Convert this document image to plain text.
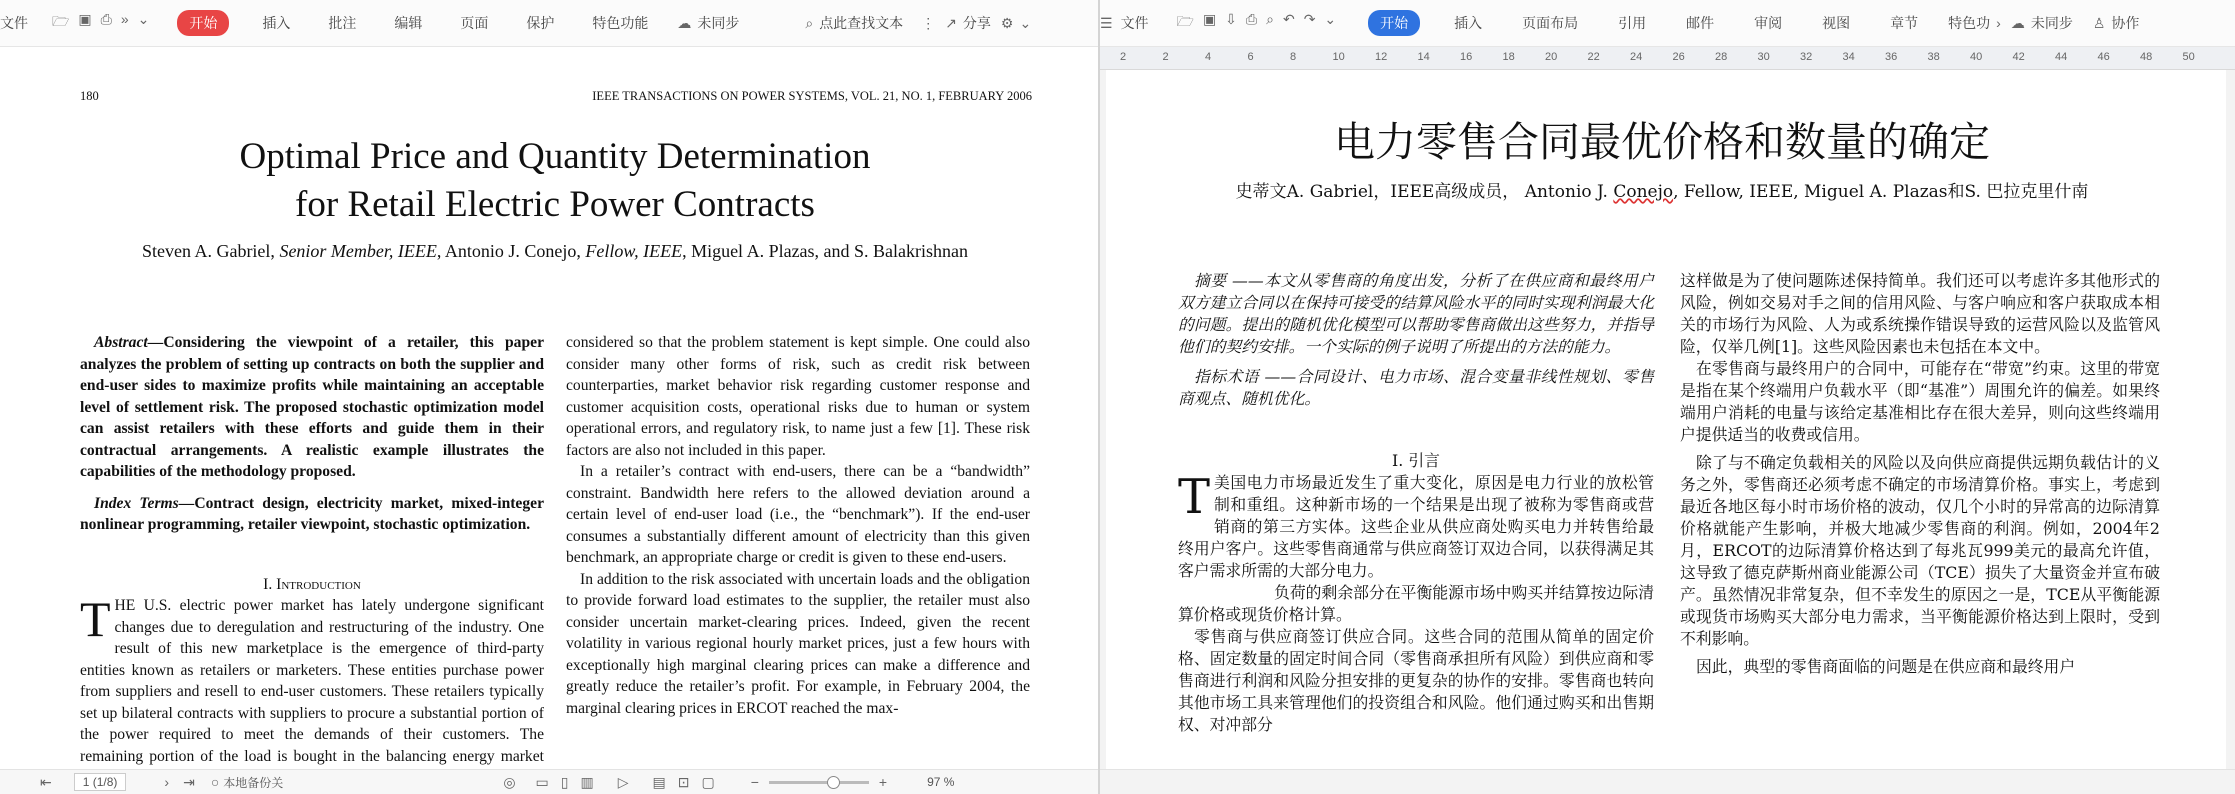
文件 🗁 ▣ ⎙ » ⌄	开始	插入	批注	编辑	页面	保护	特色功能 ☁ 未同步	⌕ 点此查找文本 ⋮ ↗ 分享 ⚙ ⌄
180	IEEE TRANSACTIONS ON POWER SYSTEMS, VOL. 21, NO. 1, FEBRUARY 2006
Optimal Price and Quantity Determination
for Retail Electric Power Contracts
Steven A. Gabriel, Senior Member, IEEE, Antonio J. Conejo, Fellow, IEEE, Miguel A. Plazas, and S. Balakrishnan

Abstract—Considering the viewpoint of a retailer, this paper analyzes the problem of setting up contracts on both the supplier and end-user sides to maximize profits while maintaining an acceptable level of settlement risk. The proposed stochastic optimization model can assist retailers with these efforts and guide them in their contractual arrangements. A realistic example illustrates the capabilities of the methodology proposed.

Index Terms—Contract design, electricity market, mixed-integer nonlinear programming, retailer viewpoint, stochastic optimization.

I. Introduction

THE U.S. electric power market has lately undergone significant changes due to deregulation and restructuring of the industry. One result of this new marketplace is the emergence of third-party entities known as retailers or marketers. These entities purchase power from suppliers and resell to end-user customers. These retailers typically set up bilateral contracts with suppliers to procure a substantial portion of the power required to meet the demands of their customers. The remaining portion of the load is bought in the balancing energy market

considered so that the problem statement is kept simple. One could also consider many other forms of risk, such as credit risk between counterparties, market behavior risk regarding customer response and customer acquisition costs, operational risks due to human or system operational errors, and regulatory risk, to name just a few [1]. These risk factors are also not included in this paper.

In a retailer’s contract with end-users, there can be a “bandwidth” constraint. Bandwidth here refers to the allowed deviation around a certain level of end-user load (i.e., the “benchmark”). If the end-user consumes a substantially different amount of electricity than this given benchmark, an appropriate charge or credit is given to these end-users.

In addition to the risk associated with uncertain loads and the obligation to provide forward load estimates to the supplier, the retailer must also consider uncertain market-clearing prices. Indeed, given the recent volatility in various regional hourly market prices, just a few hours with exceptionally high marginal clearing prices can make a difference and greatly reduce the retailer’s profit. For example, in February 2004, the marginal clearing prices in ERCOT reached the max-

⇤	1 (1/8)	› ⇥ ○ 本地备份关	◎ ▭ ▯ ▥ ▷ ▤ ⊡ ▢	−	+	97 %
☰ 文件 🗁 ▣ ⇩ ⎙ ⌕ ↶ ↷ ⌄	开始	插入	页面布局	引用	邮件	审阅	视图	章节 特色功 › ☁ 未同步 ♙ 协作
2	2	4	6	8	10	12	14	16	18	20	22	24	26	28	30	32	34	36	38	40	42	44	46	48	50
电力零售合同最优价格和数量的确定
史蒂文A. Gabriel，IEEE高级成员， Antonio J. Conejo, Fellow, IEEE, Miguel A. Plazas和S. 巴拉克里什南

摘要 ——本文从零售商的角度出发，分析了在供应商和最终用户双方建立合同以在保持可接受的结算风险水平的同时实现利润最大化的问题。提出的随机优化模型可以帮助零售商做出这些努力，并指导他们的契约安排。一个实际的例子说明了所提出的方法的能力。

指标术语 ——合同设计、电力市场、混合变量非线性规划、零售商观点、随机优化。

I. 引言

T美国电力市场最近发生了重大变化，原因是电力行业的放松管制和重组。这种新市场的一个结果是出现了被称为零售商或营销商的第三方实体。这些企业从供应商处购买电力并转售给最终用户客户。这些零售商通常与供应商签订双边合同，以获得满足其客户需求所需的大部分电力。

负荷的剩余部分在平衡能源市场中购买并结算按边际清算价格或现货价格计算。

零售商与供应商签订供应合同。这些合同的范围从简单的固定价格、固定数量的固定时间合同（零售商承担所有风险）到供应商和零售商进行利润和风险分担安排的更复杂的协作的安排。零售商也转向其他市场工具来管理他们的投资组合和风险。他们通过购买和出售期权、对冲部分

这样做是为了使问题陈述保持简单。我们还可以考虑许多其他形式的风险，例如交易对手之间的信用风险、与客户响应和客户获取成本相关的市场行为风险、人为或系统操作错误导致的运营风险以及监管风险，仅举几例[1]。这些风险因素也未包括在本文中。

在零售商与最终用户的合同中，可能存在“带宽”约束。这里的带宽是指在某个终端用户负载水平（即“基准”）周围允许的偏差。如果终端用户消耗的电量与该给定基准相比存在很大差异，则向这些终端用户提供适当的收费或信用。

除了与不确定负载相关的风险以及向供应商提供远期负载估计的义务之外，零售商还必须考虑不确定的市场清算价格。事实上，考虑到最近各地区每小时市场价格的波动，仅几个小时的异常高的边际清算价格就能产生影响，并极大地减少零售商的利润。例如，2004年2月，ERCOT的边际清算价格达到了每兆瓦999美元的最高允许值，这导致了德克萨斯州商业能源公司（TCE）损失了大量资金并宣布破产。虽然情况非常复杂，但不幸发生的原因之一是，TCE从平衡能源或现货市场购买大部分电力需求，当平衡能源价格达到上限时，受到不利影响。

因此，典型的零售商面临的问题是在供应商和最终用户
